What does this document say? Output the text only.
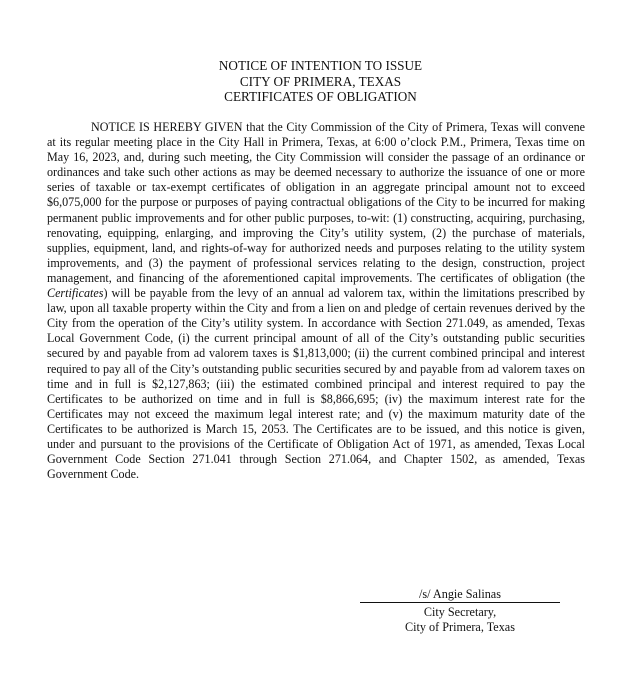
NOTICE OF INTENTION TO ISSUE
CITY OF PRIMERA, TEXAS
CERTIFICATES OF OBLIGATION

NOTICE IS HEREBY GIVEN that the City Commission of the City of Primera, Texas will convene at its regular meeting place in the City Hall in Primera, Texas, at 6:00 o’clock P.M., Primera, Texas time on May 16, 2023, and, during such meeting, the City Commission will consider the passage of an ordinance or ordinances and take such other actions as may be deemed necessary to authorize the issuance of one or more series of taxable or tax-exempt certificates of obligation in an aggregate principal amount not to exceed $6,075,000 for the purpose or purposes of paying contractual obligations of the City to be incurred for making permanent public improvements and for other public purposes, to-wit: (1) constructing, acquiring, purchasing, renovating, equipping, enlarging, and improving the City’s utility system, (2) the purchase of materials, supplies, equipment, land, and rights-of-way for authorized needs and purposes relating to the utility system improvements, and (3) the payment of professional services relating to the design, construction, project management, and financing of the aforementioned capital improvements. The certificates of obligation (the Certificates) will be payable from the levy of an annual ad valorem tax, within the limitations prescribed by law, upon all taxable property within the City and from a lien on and pledge of certain revenues derived by the City from the operation of the City’s utility system. In accordance with Section 271.049, as amended, Texas Local Government Code, (i) the current principal amount of all of the City’s outstanding public securities secured by and payable from ad valorem taxes is $1,813,000; (ii) the current combined principal and interest required to pay all of the City’s outstanding public securities secured by and payable from ad valorem taxes on time and in full is $2,127,863; (iii) the estimated combined principal and interest required to pay the Certificates to be authorized on time and in full is $8,866,695; (iv) the maximum interest rate for the Certificates may not exceed the maximum legal interest rate; and (v) the maximum maturity date of the Certificates to be authorized is March 15, 2053. The Certificates are to be issued, and this notice is given, under and pursuant to the provisions of the Certificate of Obligation Act of 1971, as amended, Texas Local Government Code Section 271.041 through Section 271.064, and Chapter 1502, as amended, Texas Government Code.

/s/ Angie Salinas
City Secretary,
City of Primera, Texas
